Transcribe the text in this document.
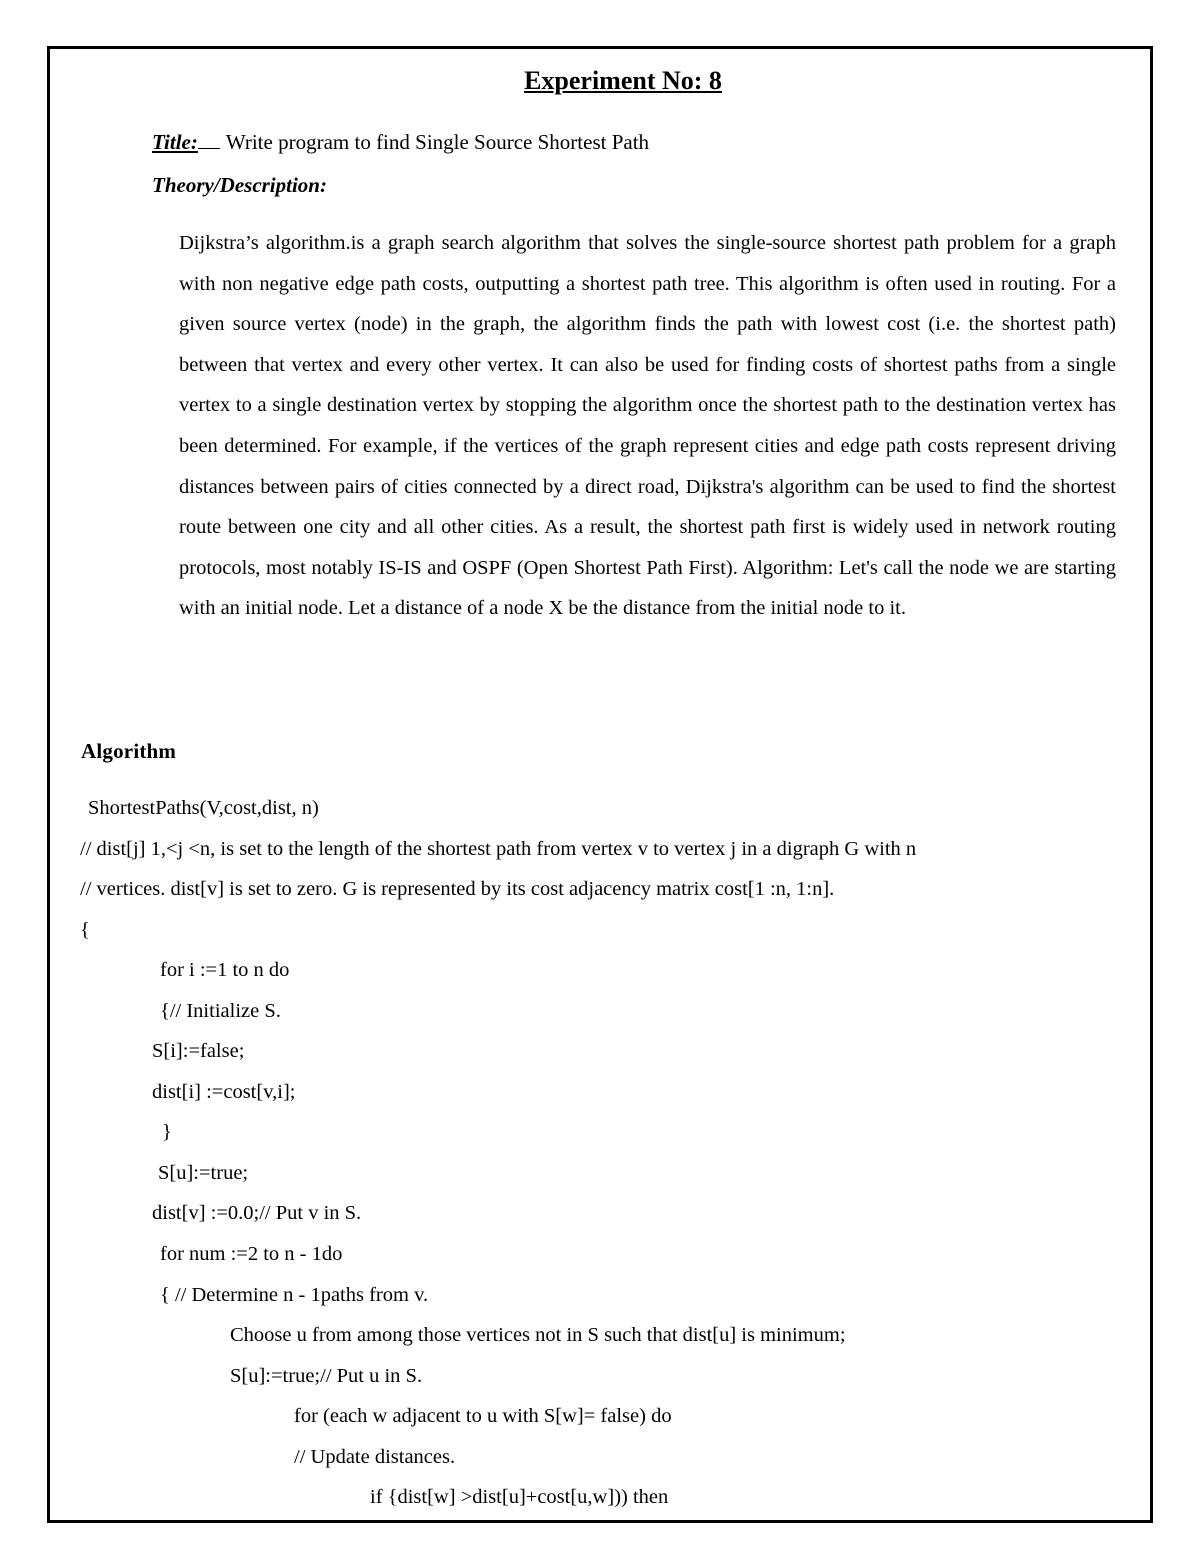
Experiment No: 8
Title: Write program to find Single Source Shortest Path
Theory/Description:
Dijkstra’s algorithm.is a graph search algorithm that solves the single-source shortest path problem for a graph with non negative edge path costs, outputting a shortest path tree. This algorithm is often used in routing. For a given source vertex (node) in the graph, the algorithm finds the path with lowest cost (i.e. the shortest path) between that vertex and every other vertex. It can also be used for finding costs of shortest paths from a single vertex to a single destination vertex by stopping the algorithm once the shortest path to the destination vertex has been determined. For example, if the vertices of the graph represent cities and edge path costs represent driving distances between pairs of cities connected by a direct road, Dijkstra's algorithm can be used to find the shortest route between one city and all other cities. As a result, the shortest path first is widely used in network routing protocols, most notably IS-IS and OSPF (Open Shortest Path First). Algorithm: Let's call the node we are starting with an initial node. Let a distance of a node X be the distance from the initial node to it.
Algorithm
ShortestPaths(V,cost,dist, n)
// dist[j] 1,<j <n, is set to the length of the shortest path from vertex v to vertex j in a digraph G with n
// vertices. dist[v] is set to zero. G is represented by its cost adjacency matrix cost[1 :n, 1:n].
{
for i :=1 to n do
{// Initialize S.
S[i]:=false;
dist[i] :=cost[v,i];
}
S[u]:=true;
dist[v] :=0.0;// Put v in S.
for num :=2 to n - 1do
{ // Determine n - 1paths from v.
Choose u from among those vertices not in S such that dist[u] is minimum;
S[u]:=true;// Put u in S.
for (each w adjacent to u with S[w]= false) do
// Update distances.
if {dist[w] >dist[u]+cost[u,w])) then
